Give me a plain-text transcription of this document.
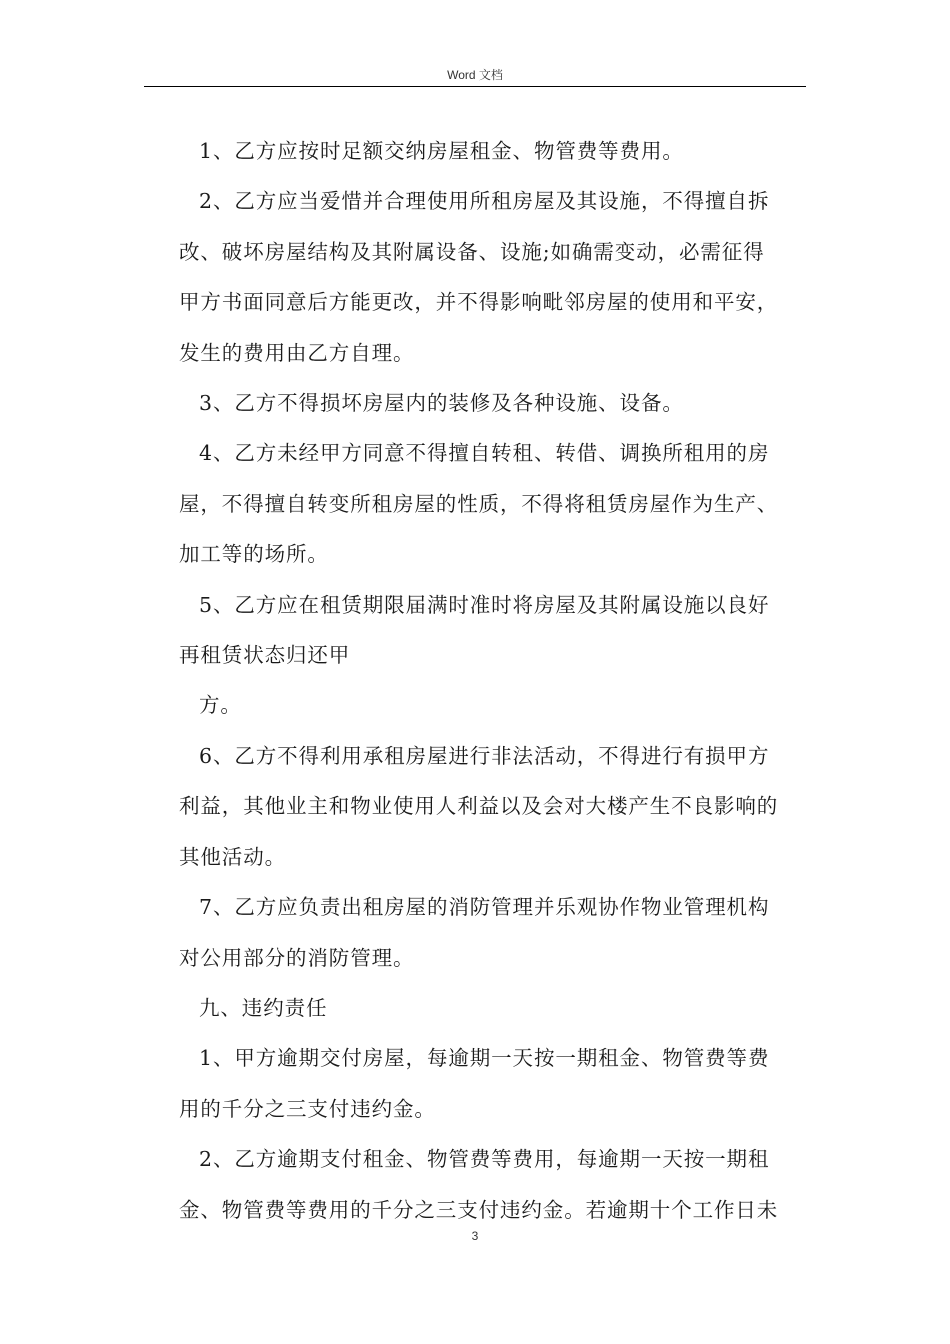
Word 文档

1、乙方应按时足额交纳房屋租金、物管费等费用。

2、乙方应当爱惜并合理使用所租房屋及其设施，不得擅自拆

改、破坏房屋结构及其附属设备、设施;如确需变动，必需征得

甲方书面同意后方能更改，并不得影响毗邻房屋的使用和平安，

发生的费用由乙方自理。

3、乙方不得损坏房屋内的装修及各种设施、设备。

4、乙方未经甲方同意不得擅自转租、转借、调换所租用的房

屋，不得擅自转变所租房屋的性质，不得将租赁房屋作为生产、

加工等的场所。

5、乙方应在租赁期限届满时准时将房屋及其附属设施以良好

再租赁状态归还甲

方。

6、乙方不得利用承租房屋进行非法活动，不得进行有损甲方

利益，其他业主和物业使用人利益以及会对大楼产生不良影响的

其他活动。

7、乙方应负责出租房屋的消防管理并乐观协作物业管理机构

对公用部分的消防管理。

九、违约责任

1、甲方逾期交付房屋，每逾期一天按一期租金、物管费等费

用的千分之三支付违约金。

2、乙方逾期支付租金、物管费等费用，每逾期一天按一期租

金、物管费等费用的千分之三支付违约金。若逾期十个工作日未

3
